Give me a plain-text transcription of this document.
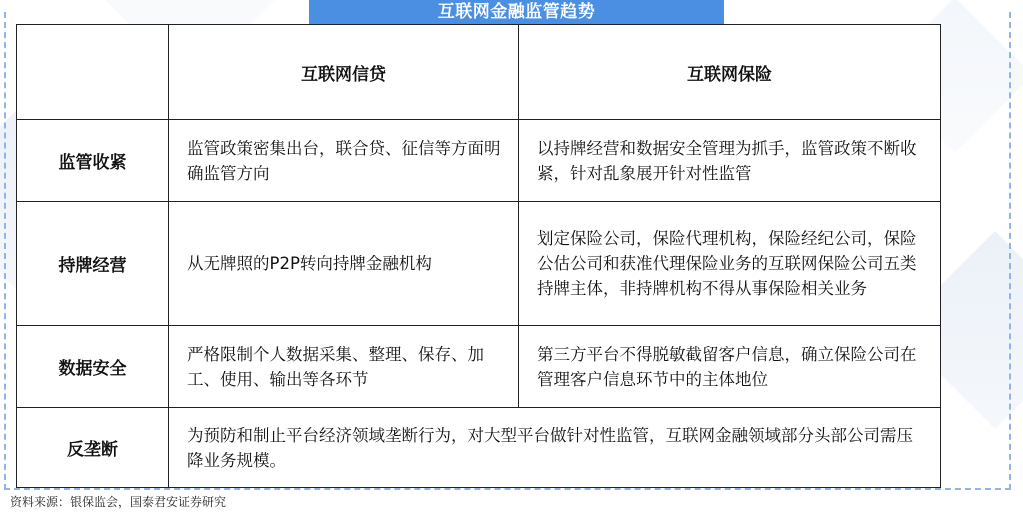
互联网金融监管趋势
	互联网信贷	互联网保险
监管收紧	监管政策密集出台，联合贷、征信等方面明确监管方向	以持牌经营和数据安全管理为抓手，监管政策不断收紧，针对乱象展开针对性监管
持牌经营	从无牌照的P2P转向持牌金融机构	划定保险公司，保险代理机构，保险经纪公司，保险公估公司和获准代理保险业务的互联网保险公司五类持牌主体，非持牌机构不得从事保险相关业务
数据安全	严格限制个人数据采集、整理、保存、加工、使用、输出等各环节	第三方平台不得脱敏截留客户信息，确立保险公司在管理客户信息环节中的主体地位
反垄断	为预防和制止平台经济领域垄断行为，对大型平台做针对性监管，互联网金融领域部分头部公司需压降业务规模。	
资料来源：银保监会，国泰君安证券研究
